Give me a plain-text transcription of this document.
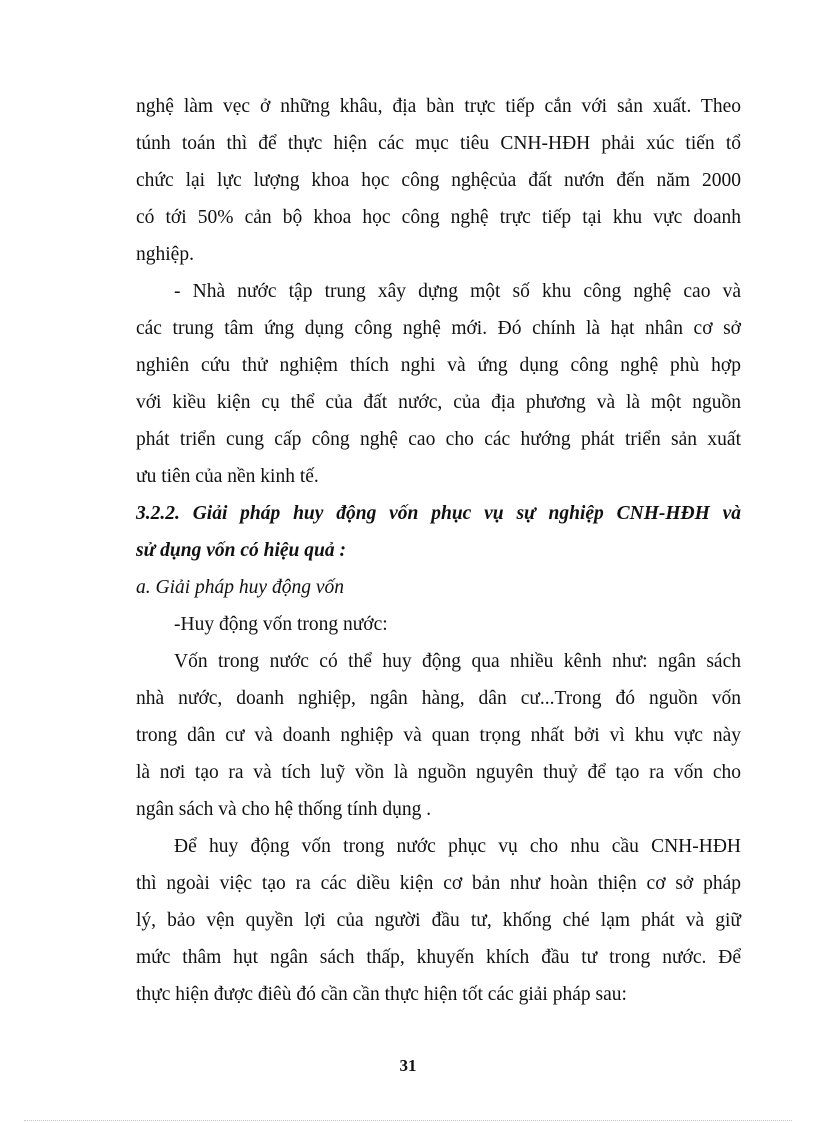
nghệ làm vẹc ở những khâu, địa bàn trực tiếp cắn với sản xuất. Theo
túnh toán thì để thực hiện các mục tiêu CNH-HĐH phải xúc tiến tổ
chức lại lực lượng khoa học công nghệcủa đất nướn đến năm 2000
có tới 50% cản bộ khoa học công nghệ trực tiếp tại khu vực doanh
nghiệp.
- Nhà nước tập trung xây dựng một số khu công nghệ cao và
các trung tâm ứng dụng công nghệ mới. Đó chính là hạt nhân cơ sở
nghiên cứu thử nghiệm thích nghi và ứng dụng công nghệ phù hợp
với kiều kiện cụ thể của đất nước, của địa phương và là một nguồn
phát triển cung cấp công nghệ cao cho các hướng phát triển sản xuất
ưu tiên của nền kinh tế.
3.2.2. Giải pháp huy động vốn phục vụ sự nghiệp CNH-HĐH và
sử dụng vốn có hiệu quả :
a. Giải pháp huy động vốn
-Huy động vốn trong nước:
Vốn trong nước có thể huy động qua nhiều kênh như: ngân sách
nhà nước, doanh nghiệp, ngân hàng, dân cư...Trong đó nguồn vốn
trong dân cư và doanh nghiệp và quan trọng nhất bởi vì khu vực này
là nơi tạo ra và tích luỹ vồn là nguồn nguyên thuỷ để tạo ra vốn cho
ngân sách và cho hệ thống tính dụng .
Để huy động vốn trong nước phục vụ cho nhu cầu CNH-HĐH
thì ngoài việc tạo ra các diều kiện cơ bản như hoàn thiện cơ sở pháp
lý, bảo vện quyền lợi của người đầu tư, khống ché lạm phát và giữ
mức thâm hụt ngân sách thấp, khuyến khích đầu tư trong nước. Để
thực hiện được điêù đó cần cần thực hiện tốt các giải pháp sau:
31
